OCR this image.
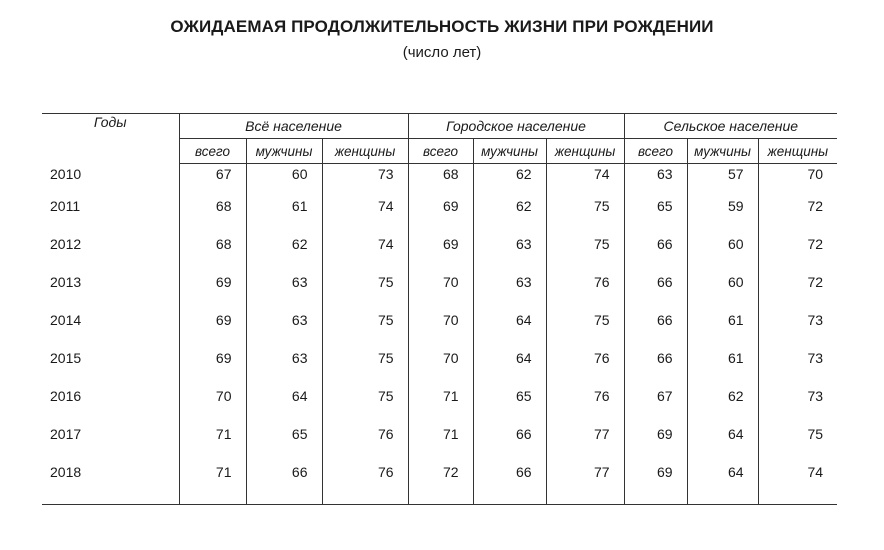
ОЖИДАЕМАЯ ПРОДОЛЖИТЕЛЬНОСТЬ ЖИЗНИ ПРИ РОЖДЕНИИ
(число лет)
Годы	Всё население			Городское население			Сельское население		
	всего	мужчины	женщины	всего	мужчины	женщины	всего	мужчины	женщины
2010	67	60	73	68	62	74	63	57	70
2011	68	61	74	69	62	75	65	59	72
2012	68	62	74	69	63	75	66	60	72
2013	69	63	75	70	63	76	66	60	72
2014	69	63	75	70	64	75	66	61	73
2015	69	63	75	70	64	76	66	61	73
2016	70	64	75	71	65	76	67	62	73
2017	71	65	76	71	66	77	69	64	75
2018	71	66	76	72	66	77	69	64	74
